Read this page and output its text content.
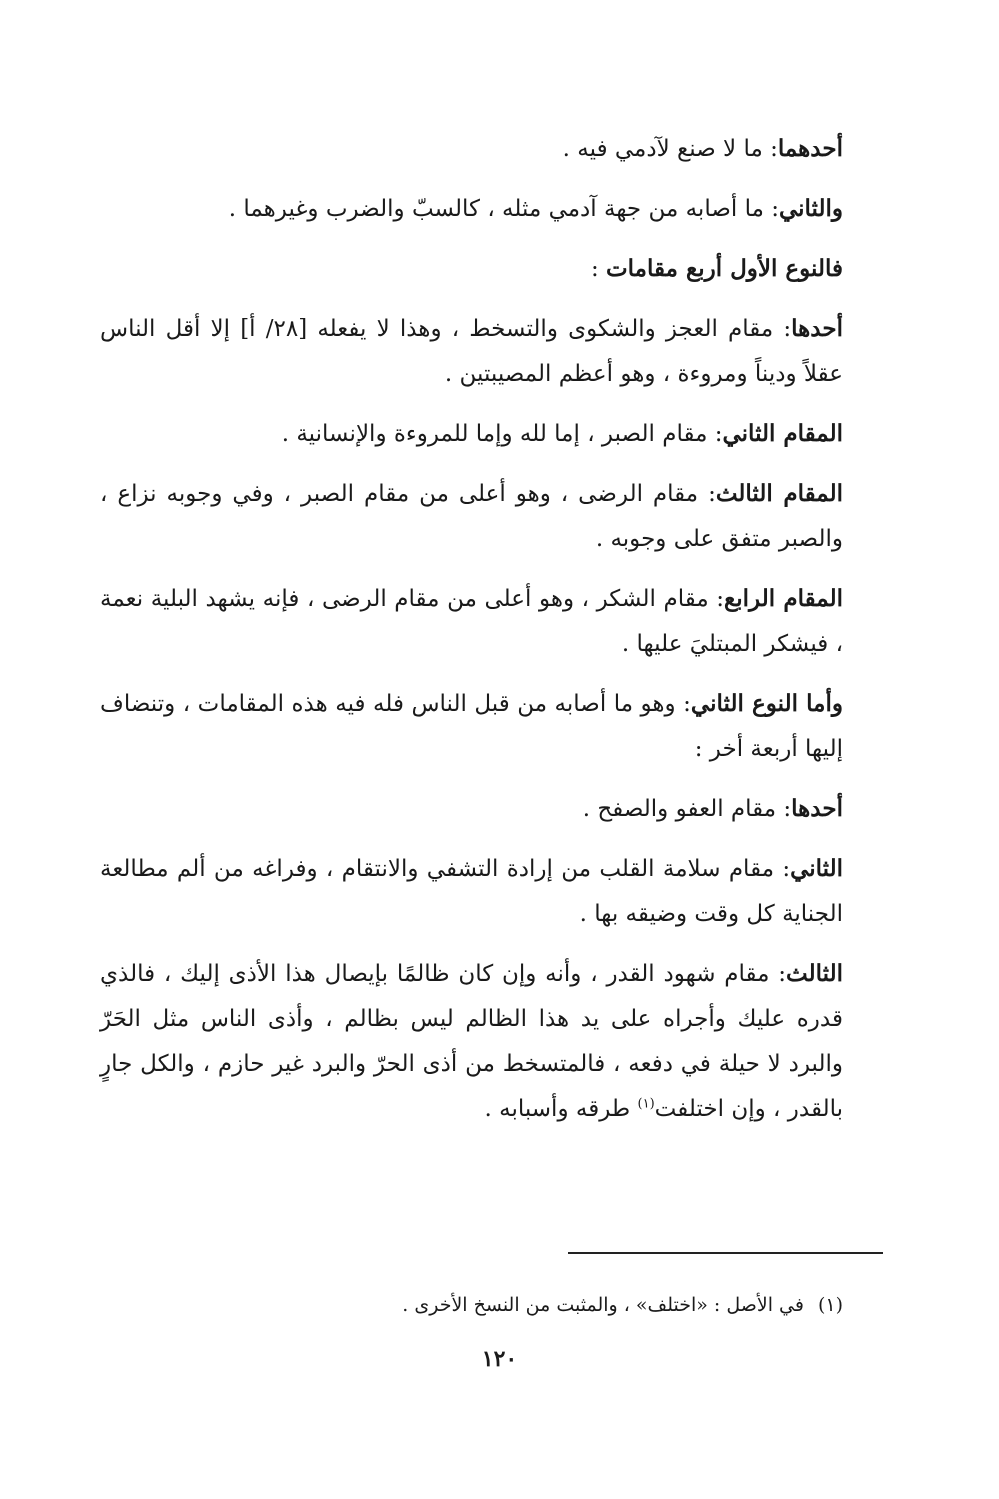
أحدهما: ما لا صنع لآدمي فيه .

والثاني: ما أصابه من جهة آدمي مثله ، كالسبّ والضرب وغيرهما .

فالنوع الأول أربع مقامات :

أحدها: مقام العجز والشكوى والتسخط ، وهذا لا يفعله [٢٨/ أ] إلا أقل الناس عقلاً وديناً ومروءة ، وهو أعظم المصيبتين .

المقام الثاني: مقام الصبر ، إما لله وإما للمروءة والإنسانية .

المقام الثالث: مقام الرضى ، وهو أعلى من مقام الصبر ، وفي وجوبه نزاع ، والصبر متفق على وجوبه .

المقام الرابع: مقام الشكر ، وهو أعلى من مقام الرضى ، فإنه يشهد البلية نعمة ، فيشكر المبتليَ عليها .

وأما النوع الثاني: وهو ما أصابه من قبل الناس فله فيه هذه المقامات ، وتنضاف إليها أربعة أخر :

أحدها: مقام العفو والصفح .

الثاني: مقام سلامة القلب من إرادة التشفي والانتقام ، وفراغه من ألم مطالعة الجناية كل وقت وضيقه بها .

الثالث: مقام شهود القدر ، وأنه وإن كان ظالمًا بإيصال هذا الأذى إليك ، فالذي قدره عليك وأجراه على يد هذا الظالم ليس بظالم ، وأذى الناس مثل الحَرّ والبرد لا حيلة في دفعه ، فالمتسخط من أذى الحرّ والبرد غير حازم ، والكل جارٍ بالقدر ، وإن اختلفت$^{(١)}$ طرقه وأسبابه .

(١)في الأصل : «اختلف» ، والمثبت من النسخ الأخرى .
١٢٠
